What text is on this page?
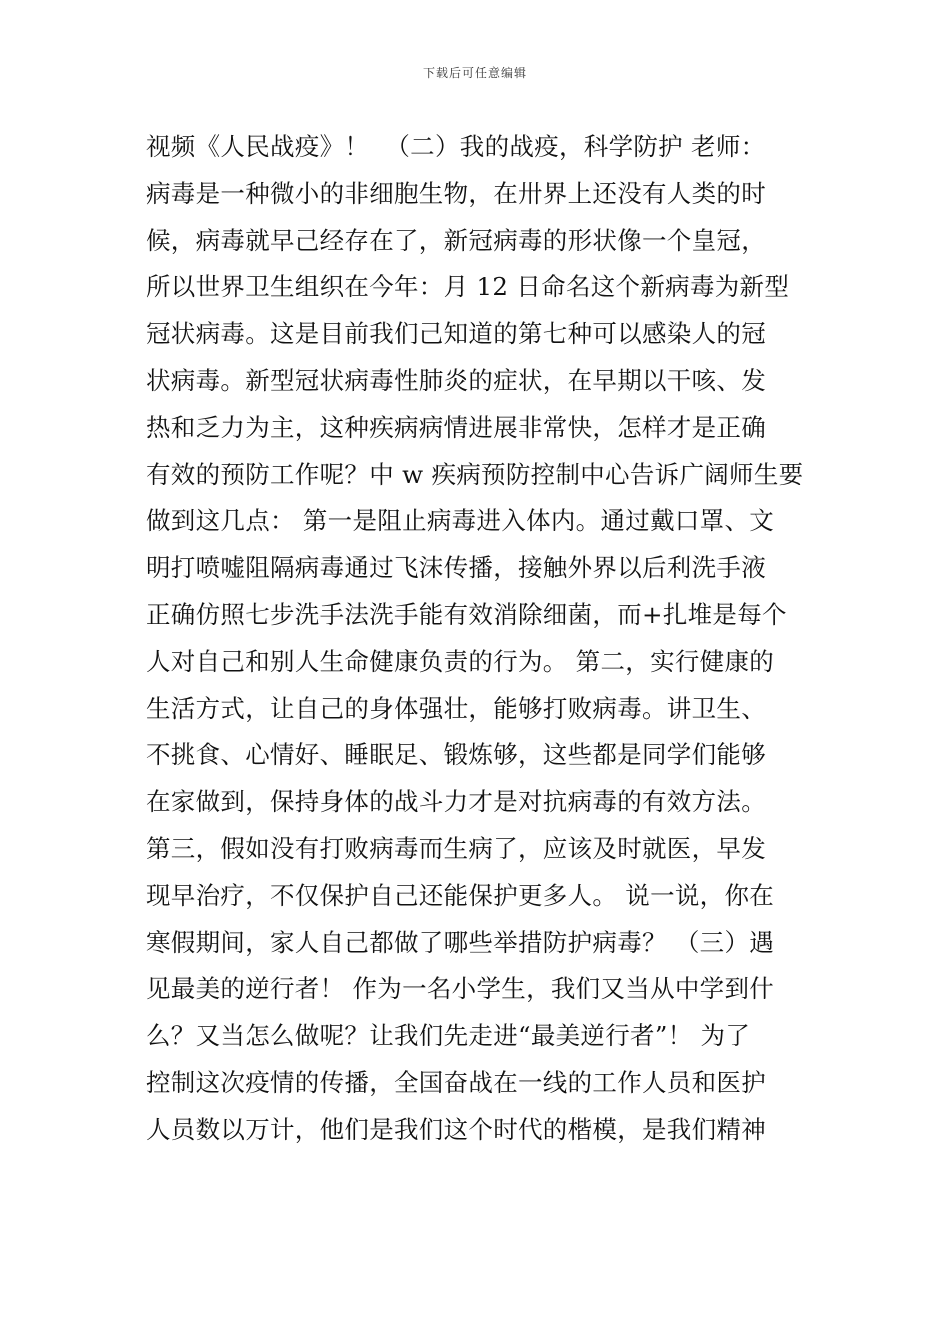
下载后可任意编辑
视频《人民战疫》！  （二）我的战疫，科学防护 老师：
病毒是一种微小的非细胞生物，在卅界上还没有人类的时
候，病毒就早己经存在了，新冠病毒的形状像一个皇冠，
所以世界卫生组织在今年：月 12 日命名这个新病毒为新型
冠状病毒。这是目前我们己知道的第七种可以感染人的冠
状病毒。新型冠状病毒性肺炎的症状，在早期以干咳、发
热和乏力为主，这种疾病病情进展非常快，怎样才是正确
有效的预防工作呢？中 w 疾病预防控制中心告诉广阔师生要
做到这几点： 第一是阻止病毒进入体内。通过戴口罩、文
明打喷嘘阻隔病毒通过飞沫传播，接触外界以后利洗手液
正确仿照七步洗手法洗手能有效消除细菌，而+扎堆是每个
人对自己和别人生命健康负责的行为。 第二，实行健康的
生活方式，让自己的身体强壮，能够打败病毒。讲卫生、
不挑食、心情好、睡眠足、锻炼够，这些都是同学们能够
在家做到，保持身体的战斗力才是对抗病毒的有效方法。
第三，假如没有打败病毒而生病了，应该及时就医，早发
现早治疗，不仅保护自己还能保护更多人。 说一说，你在
寒假期间，家人自己都做了哪些举措防护病毒？ （三）遇
见最美的逆行者！ 作为一名小学生，我们又当从中学到什
么？又当怎么做呢？让我们先走进“最美逆行者”！ 为了
控制这次疫情的传播，全国奋战在一线的工作人员和医护
人员数以万计，他们是我们这个时代的楷模，是我们精神
